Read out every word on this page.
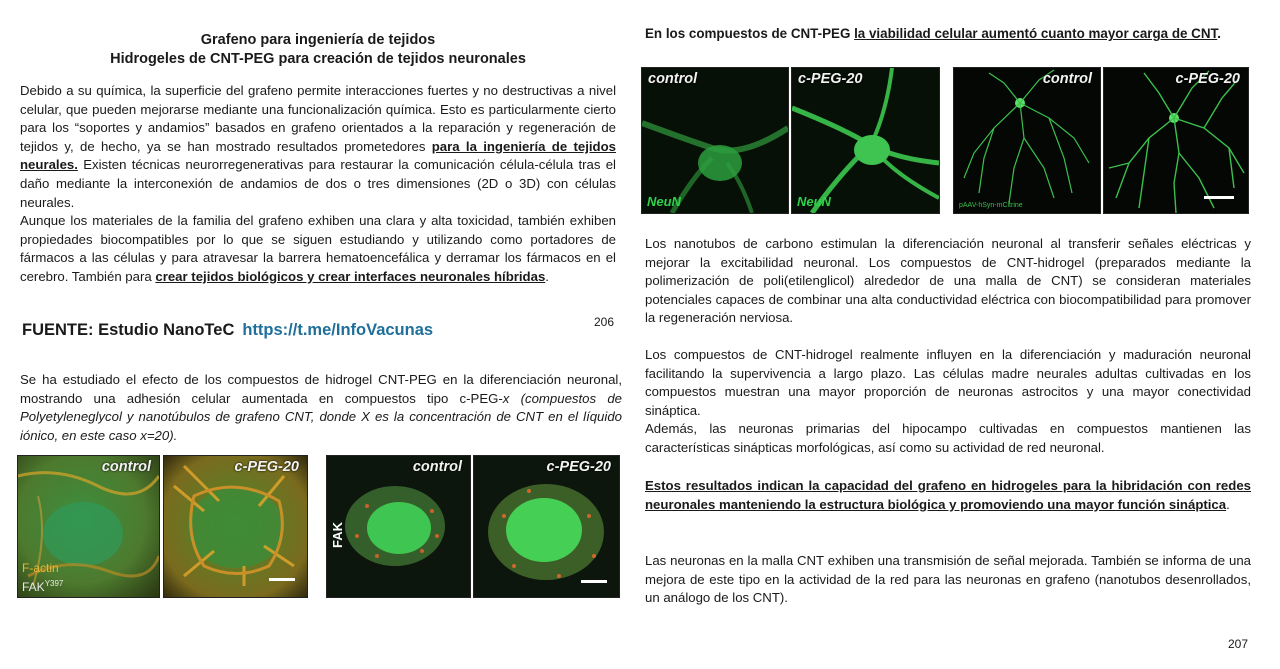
Grafeno para ingeniería de tejidos
Hidrogeles de CNT-PEG para creación de tejidos neuronales
Debido a su química, la superficie del grafeno permite interacciones fuertes y no destructivas a nivel celular, que pueden mejorarse mediante una funcionalización química. Esto es particularmente cierto para los “soportes y andamios” basados en grafeno orientados a la reparación y regeneración de tejidos y, de hecho, ya se han mostrado resultados prometedores para la ingeniería de tejidos neurales. Existen técnicas neurorregenerativas para restaurar la comunicación célula-célula tras el daño mediante la interconexión de andamios de dos o tres dimensiones (2D o 3D) con células neurales.
Aunque los materiales de la familia del grafeno exhiben una clara y alta toxicidad, también exhiben propiedades biocompatibles por lo que se siguen estudiando y utilizando como portadores de fármacos a las células y para atravesar la barrera hematoencefálica y derramar los fármacos en el cerebro. También para crear tejidos biológicos y crear interfaces neuronales híbridas.
FUENTE: Estudio NanoTeC https://t.me/InfoVacunas	206
Se ha estudiado el efecto de los compuestos de hidrogel CNT-PEG en la diferenciación neuronal, mostrando una adhesión celular aumentada en compuestos tipo c-PEG-x (compuestos de Polyetyleneglycol y nanotúbulos de grafeno CNT, donde X es la concentración de CNT en el líquido iónico, en este caso x=20).
control
F-actin
$FAK^{Y397}$
c-PEG-20	control
FAK
c-PEG-20
En los compuestos de CNT-PEG la viabilidad celular aumentó cuanto mayor carga de CNT.
control
NeuN
c-PEG-20
NeuN
control
pAAV-hSyn-mCitrine
c-PEG-20
Los nanotubos de carbono estimulan la diferenciación neuronal al transferir señales eléctricas y mejorar la excitabilidad neuronal. Los compuestos de CNT-hidrogel (preparados mediante la polimerización de poli(etilenglicol) alrededor de una malla de CNT) se consideran materiales potenciales capaces de combinar una alta conductividad eléctrica con biocompatibilidad para promover la regeneración nerviosa.
Los compuestos de CNT-hidrogel realmente influyen en la diferenciación y maduración neuronal facilitando la supervivencia a largo plazo. Las células madre neurales adultas cultivadas en los compuestos muestran una mayor proporción de neuronas astrocitos y una mayor conectividad sináptica.
Además, las neuronas primarias del hipocampo cultivadas en compuestos mantienen las características sinápticas morfológicas, así como su actividad de red neuronal.
Estos resultados indican la capacidad del grafeno en hidrogeles para la hibridación con redes neuronales manteniendo la estructura biológica y promoviendo una mayor función sináptica.
Las neuronas en la malla CNT exhiben una transmisión de señal mejorada. También se informa de una mejora de este tipo en la actividad de la red para las neuronas en grafeno (nanotubos desenrollados, un análogo de los CNT).
207
